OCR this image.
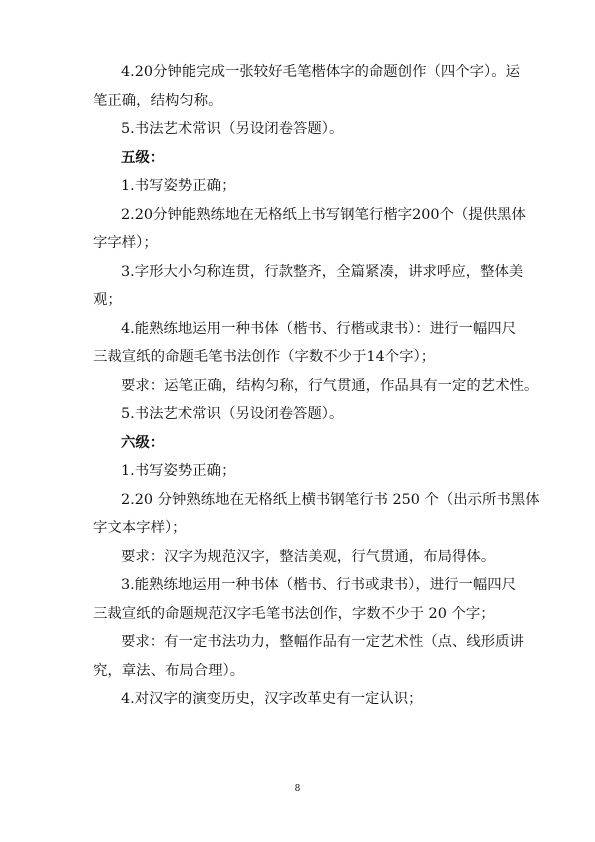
4.20分钟能完成一张较好毛笔楷体字的命题创作（四个字）。运
笔正确，结构匀称。
5.书法艺术常识（另设闭卷答题）。
五级：
1.书写姿势正确；
2.20分钟能熟练地在无格纸上书写钢笔行楷字200个（提供黑体
字字样）；
3.字形大小匀称连贯，行款整齐，全篇紧凑，讲求呼应，整体美
观；
4.能熟练地运用一种书体（楷书、行楷或隶书）：进行一幅四尺
三裁宣纸的命题毛笔书法创作（字数不少于14个字）；
要求：运笔正确，结构匀称，行气贯通，作品具有一定的艺术性。
5.书法艺术常识（另设闭卷答题）。
六级：
1.书写姿势正确；
2.20 分钟熟练地在无格纸上横书钢笔行书 250 个（出示所书黑体
字文本字样）；
要求：汉字为规范汉字，整洁美观，行气贯通，布局得体。
3.能熟练地运用一种书体（楷书、行书或隶书），进行一幅四尺
三裁宣纸的命题规范汉字毛笔书法创作，字数不少于 20 个字；
要求：有一定书法功力，整幅作品有一定艺术性（点、线形质讲
究，章法、布局合理）。
4.对汉字的演变历史，汉字改革史有一定认识；
8
